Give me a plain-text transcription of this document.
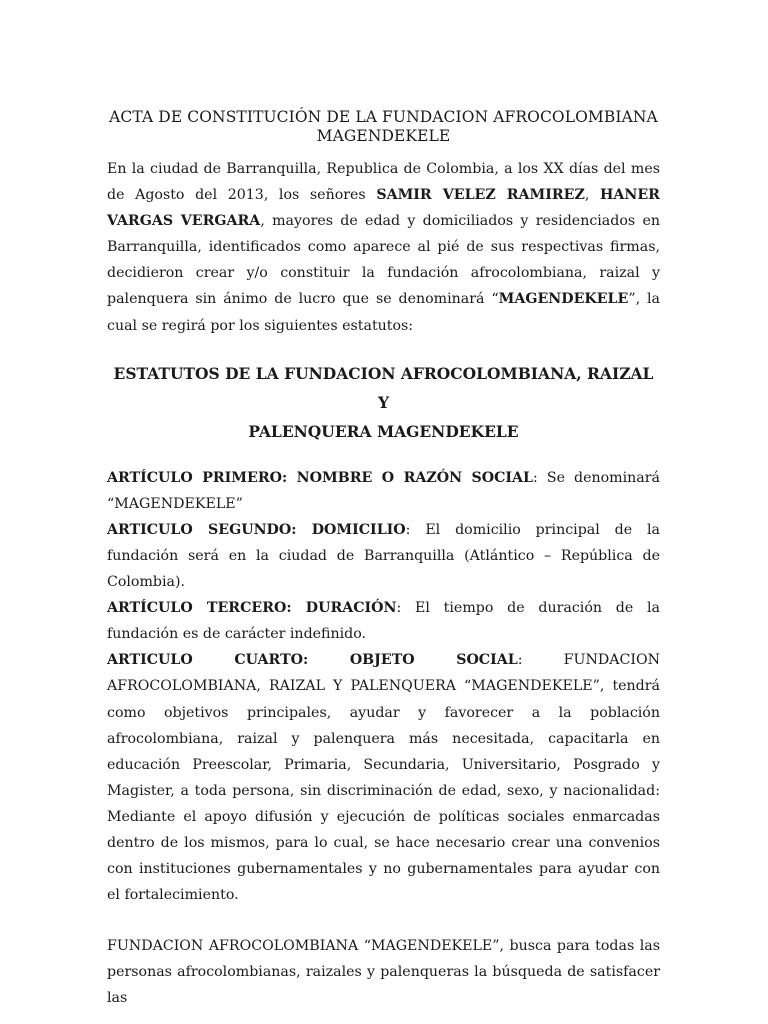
ACTA DE CONSTITUCIÓN DE LA FUNDACION AFROCOLOMBIANA
MAGENDEKELE

En la ciudad de Barranquilla, Republica de Colombia, a los XX días del mes de Agosto del 2013, los señores SAMIR VELEZ RAMIREZ, HANER VARGAS VERGARA, mayores de edad y domiciliados y residenciados en Barranquilla, identificados como aparece al pié de sus respectivas firmas, decidieron crear y/o constituir la fundación afrocolombiana, raizal y palenquera sin ánimo de lucro que se denominará “MAGENDEKELE”, la cual se regirá por los siguientes estatutos:

ESTATUTOS DE LA FUNDACION AFROCOLOMBIANA, RAIZAL Y
PALENQUERA MAGENDEKELE

ARTÍCULO PRIMERO: NOMBRE O RAZÓN SOCIAL: Se denominará “MAGENDEKELE”

ARTICULO SEGUNDO: DOMICILIO: El domicilio principal de la fundación será en la ciudad de Barranquilla (Atlántico – República de Colombia).

ARTÍCULO TERCERO: DURACIÓN: El tiempo de duración de la fundación es de carácter indefinido.

ARTICULO CUARTO: OBJETO SOCIAL: FUNDACION AFROCOLOMBIANA, RAIZAL Y PALENQUERA “MAGENDEKELE”, tendrá como objetivos principales, ayudar y favorecer a la población afrocolombiana, raizal y palenquera más necesitada, capacitarla en educación Preescolar, Primaria, Secundaria, Universitario, Posgrado y Magister, a toda persona, sin discriminación de edad, sexo, y nacionalidad: Mediante el apoyo difusión y ejecución de políticas sociales enmarcadas dentro de los mismos, para lo cual, se hace necesario crear una convenios con instituciones gubernamentales y no gubernamentales para ayudar con el fortalecimiento.

FUNDACION AFROCOLOMBIANA “MAGENDEKELE”, busca para todas las personas afrocolombianas, raizales y palenqueras la búsqueda de satisfacer las
